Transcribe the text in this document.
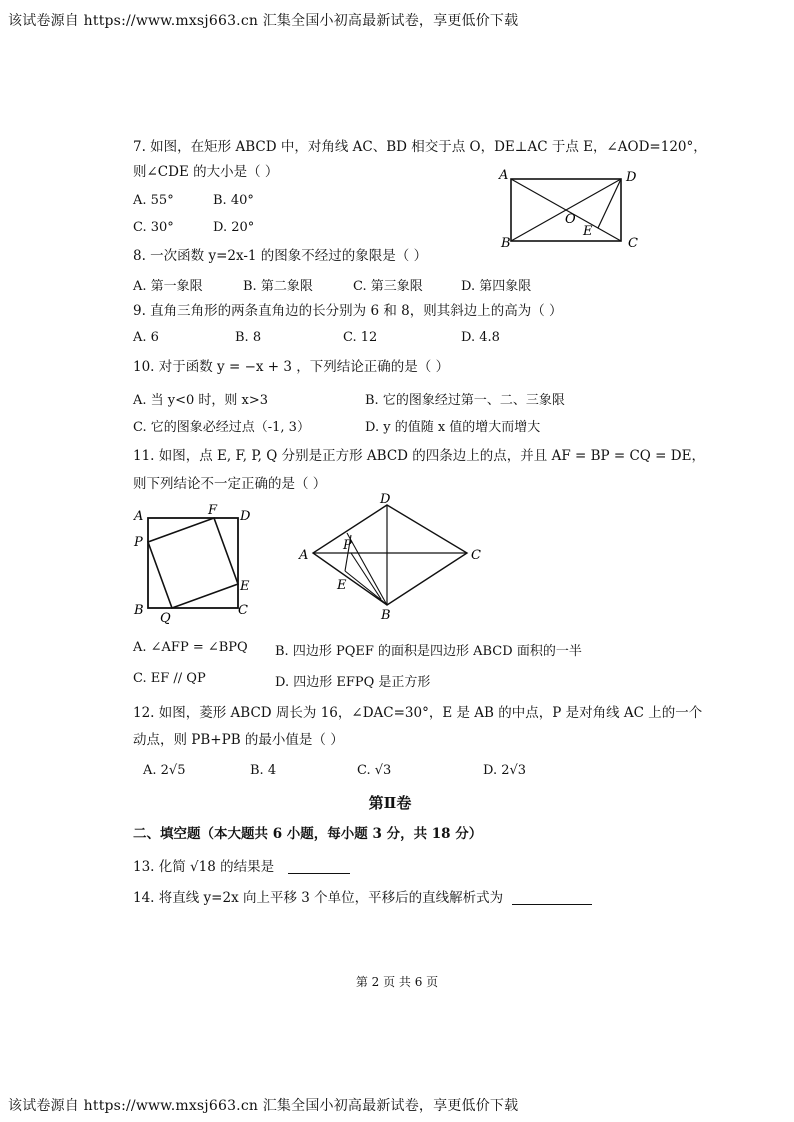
该试卷源自 https://www.mxsj663.cn 汇集全国小初高最新试卷，享更低价下载
7. 如图，在矩形 ABCD 中，对角线 AC、BD 相交于点 O，DE⊥AC 于点 E，∠AOD=120°，
则∠CDE 的大小是（ ）
A. 55°	B. 40°
C. 30°	D. 20°
A	D
B	C
O
E
8. 一次函数 y=2x-1 的图象不经过的象限是（ ）
A. 第一象限	B. 第二象限	C. 第三象限	D. 第四象限
9. 直角三角形的两条直角边的长分别为 6 和 8，则其斜边上的高为（ ）
A. 6	B. 8	C. 12	D. 4.8
10. 对于函数 y = −x + 3 ，下列结论正确的是（ ）
A. 当 y<0 时，则 x>3	B. 它的图象经过第一、二、三象限
C. 它的图象必经过点（-1, 3）	D. y 的值随 x 值的增大而增大
11. 如图，点 E, F, P, Q 分别是正方形 ABCD 的四条边上的点，并且 AF = BP = CQ = DE，
则下列结论不一定正确的是（ ）
A	F D
P
E
B
Q
C
D
P
A	C
E
B
A. ∠AFP = ∠BPQ B. 四边形 PQEF 的面积是四边形 ABCD 面积的一半
C. EF // QP	D. 四边形 EFPQ 是正方形
12. 如图，菱形 ABCD 周长为 16，∠DAC=30°，E 是 AB 的中点，P 是对角线 AC 上的一个
动点，则 PB+PB 的最小值是（ ）
A. 2√5	B. 4	C. √3	D. 2√3
第Ⅱ卷
二、填空题（本大题共 6 小题，每小题 3 分，共 18 分）
13. 化简 √18 的结果是
14. 将直线 y=2x 向上平移 3 个单位，平移后的直线解析式为
第 2 页 共 6 页
该试卷源自 https://www.mxsj663.cn 汇集全国小初高最新试卷，享更低价下载
